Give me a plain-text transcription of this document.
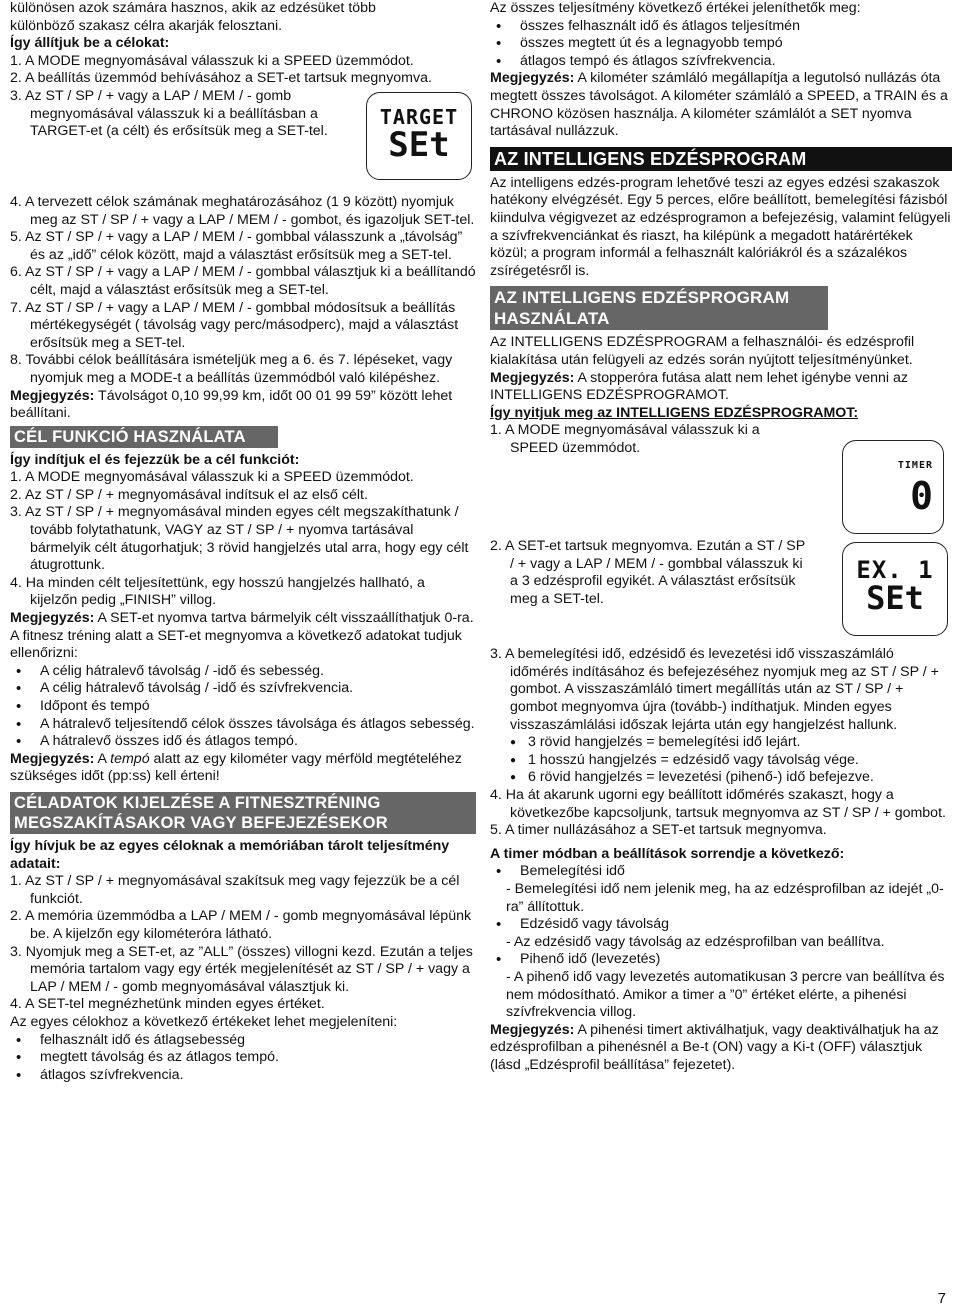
különösen azok számára hasznos, akik az edzésüket több

különböző szakasz célra akarják felosztani.

Így állítjuk be a célokat:

1. A MODE megnyomásával válasszuk ki a SPEED üzemmódot.

2. A beállítás üzemmód behívásához a SET-et tartsuk megnyomva.

3. Az ST / SP / + vagy a LAP / MEM / - gomb megnyomásával válasszuk ki a beállításban a TARGET-et (a célt) és erősítsük meg a SET-tel.

TARGET
SEt

4. A tervezett célok számának meghatározásához (1 9 között) nyomjuk meg az ST / SP / + vagy a LAP / MEM / - gombot, és igazoljuk SET-tel.

5. Az ST / SP / + vagy a LAP / MEM / - gombbal válasszunk a „távolság” és az „idő” célok között, majd a választást erősítsük meg a SET-tel.

6. Az ST / SP / + vagy a LAP / MEM / - gombbal választjuk ki a beállítandó célt, majd a választást erősítsük meg a SET-tel.

7. Az ST / SP / + vagy a LAP / MEM / - gombbal módosítsuk a beállítás mértékegységét ( távolság vagy perc/másodperc), majd a választást erősítsük meg a SET-tel.

8. További célok beállítására ismételjük meg a 6. és 7. lépéseket, vagy nyomjuk meg a MODE-t a beállítás üzemmódból való kilépéshez.

Megjegyzés: Távolságot 0,10 99,99 km, időt 00 01 99 59” között lehet beállítani.

CÉL FUNKCIÓ HASZNÁLATA

Így indítjuk el és fejezzük be a cél funkciót:

1. A MODE megnyomásával válasszuk ki a SPEED üzemmódot.

2. Az ST / SP / + megnyomásával indítsuk el az első célt.

3. Az ST / SP / + megnyomásával minden egyes célt megszakíthatunk / tovább folytathatunk, VAGY az ST / SP / + nyomva tartásával bármelyik célt átugorhatjuk; 3 rövid hangjelzés utal arra, hogy egy célt átugrottunk.

4. Ha minden célt teljesítettünk, egy hosszú hangjelzés hallható, a kijelzőn pedig „FINISH” villog.

Megjegyzés: A SET-et nyomva tartva bármelyik célt visszaállíthatjuk 0-ra.

A fitnesz tréning alatt a SET-et megnyomva a következő adatokat tudjuk ellenőrizni:

• A célig hátralevő távolság / -idő és sebesség.

• A célig hátralevő távolság / -idő és szívfrekvencia.

• Időpont és tempó

• A hátralevő teljesítendő célok összes távolsága és átlagos sebesség.

• A hátralevő összes idő és átlagos tempó.

Megjegyzés: A tempó alatt az egy kilométer vagy mérföld megtételéhez szükséges időt (pp:ss) kell érteni!

CÉLADATOK KIJELZÉSE A FITNESZTRÉNING MEGSZAKÍTÁSAKOR VAGY BEFEJEZÉSEKOR

Így hívjuk be az egyes céloknak a memóriában tárolt teljesítmény adatait:

1. Az ST / SP / + megnyomásával szakítsuk meg vagy fejezzük be a cél funkciót.

2. A memória üzemmódba a LAP / MEM / - gomb megnyomásával lépünk be. A kijelzőn egy kilométeróra látható.

3. Nyomjuk meg a SET-et, az ”ALL” (összes) villogni kezd. Ezután a teljes memória tartalom vagy egy érték megjelenítését az ST / SP / + vagy a LAP / MEM / - gomb megnyomásával választjuk ki.

4. A SET-tel megnézhetünk minden egyes értéket.

Az egyes célokhoz a következő értékeket lehet megjeleníteni:

• felhasznált idő és átlagsebesség

• megtett távolság és az átlagos tempó.

• átlagos szívfrekvencia.

Az összes teljesítmény következő értékei jeleníthetők meg:

• összes felhasznált idő és átlagos teljesítmén

• összes megtett út és a legnagyobb tempó

• átlagos tempó és átlagos szívfrekvencia.

Megjegyzés: A kilométer számláló megállapítja a legutolsó nullázás óta megtett összes távolságot. A kilométer számláló a SPEED, a TRAIN és a CHRONO közösen használja. A kilométer számlálót a SET nyomva tartásával nullázzuk.

AZ INTELLIGENS EDZÉSPROGRAM

Az intelligens edzés-program lehetővé teszi az egyes edzési szakaszok hatékony elvégzését. Egy 5 perces, előre beállított, bemelegítési fázisból kiindulva végigvezet az edzésprogramon a befejezésig, valamint felügyeli a szívfrekvenciánkat és riaszt, ha kilépünk a megadott határértékek közül; a program informál a felhasznált kalóriákról és a százalékos zsírégetésről is.

AZ INTELLIGENS EDZÉSPROGRAM HASZNÁLATA

Az INTELLIGENS EDZÉSPROGRAM a felhasználói- és edzésprofil kialakítása után felügyeli az edzés során nyújtott teljesítményünket.

Megjegyzés: A stopperóra futása alatt nem lehet igénybe venni az INTELLIGENS EDZÉSPROGRAMOT.

Így nyitjuk meg az INTELLIGENS EDZÉSPROGRAMOT:

1. A MODE megnyomásával válasszuk ki a SPEED üzemmódot.

TIMER
0

2. A SET-et tartsuk megnyomva. Ezután a ST / SP / + vagy a LAP / MEM / - gombbal válasszuk ki a 3 edzésprofil egyikét. A választást erősítsük meg a SET-tel.

EX. 1
SEt

3. A bemelegítési idő, edzésidő és levezetési idő visszaszámláló időmérés indításához és befejezéséhez nyomjuk meg az ST / SP / + gombot. A visszaszámláló timert megállítás után az ST / SP / + gombot megnyomva újra (tovább-) indíthatjuk. Minden egyes visszaszámlálási időszak lejárta után egy hangjelzést hallunk.

● 3 rövid hangjelzés = bemelegítési idő lejárt.

● 1 hosszú hangjelzés = edzésidő vagy távolság vége.

● 6 rövid hangjelzés = levezetési (pihenő-) idő befejezve.

4. Ha át akarunk ugorni egy beállított időmérés szakaszt, hogy a következőbe kapcsoljunk, tartsuk megnyomva az ST / SP / + gombot.

5. A timer nullázásához a SET-et tartsuk megnyomva.

A timer módban a beállítások sorrendje a következő:

• Bemelegítési idő

- Bemelegítési idő nem jelenik meg, ha az edzésprofilban az idejét „0-ra” állítottuk.

• Edzésidő vagy távolság

- Az edzésidő vagy távolság az edzésprofilban van beállítva.

• Pihenő idő (levezetés)

- A pihenő idő vagy levezetés automatikusan 3 percre van beállítva és nem módosítható. Amikor a timer a ”0” értéket elérte, a pihenési szívfrekvencia villog.

Megjegyzés: A pihenési timert aktiválhatjuk, vagy deaktiválhatjuk ha az edzésprofilban a pihenésnél a Be-t (ON) vagy a Ki-t (OFF) választjuk (lásd „Edzésprofil beállítása” fejezetet).

7
